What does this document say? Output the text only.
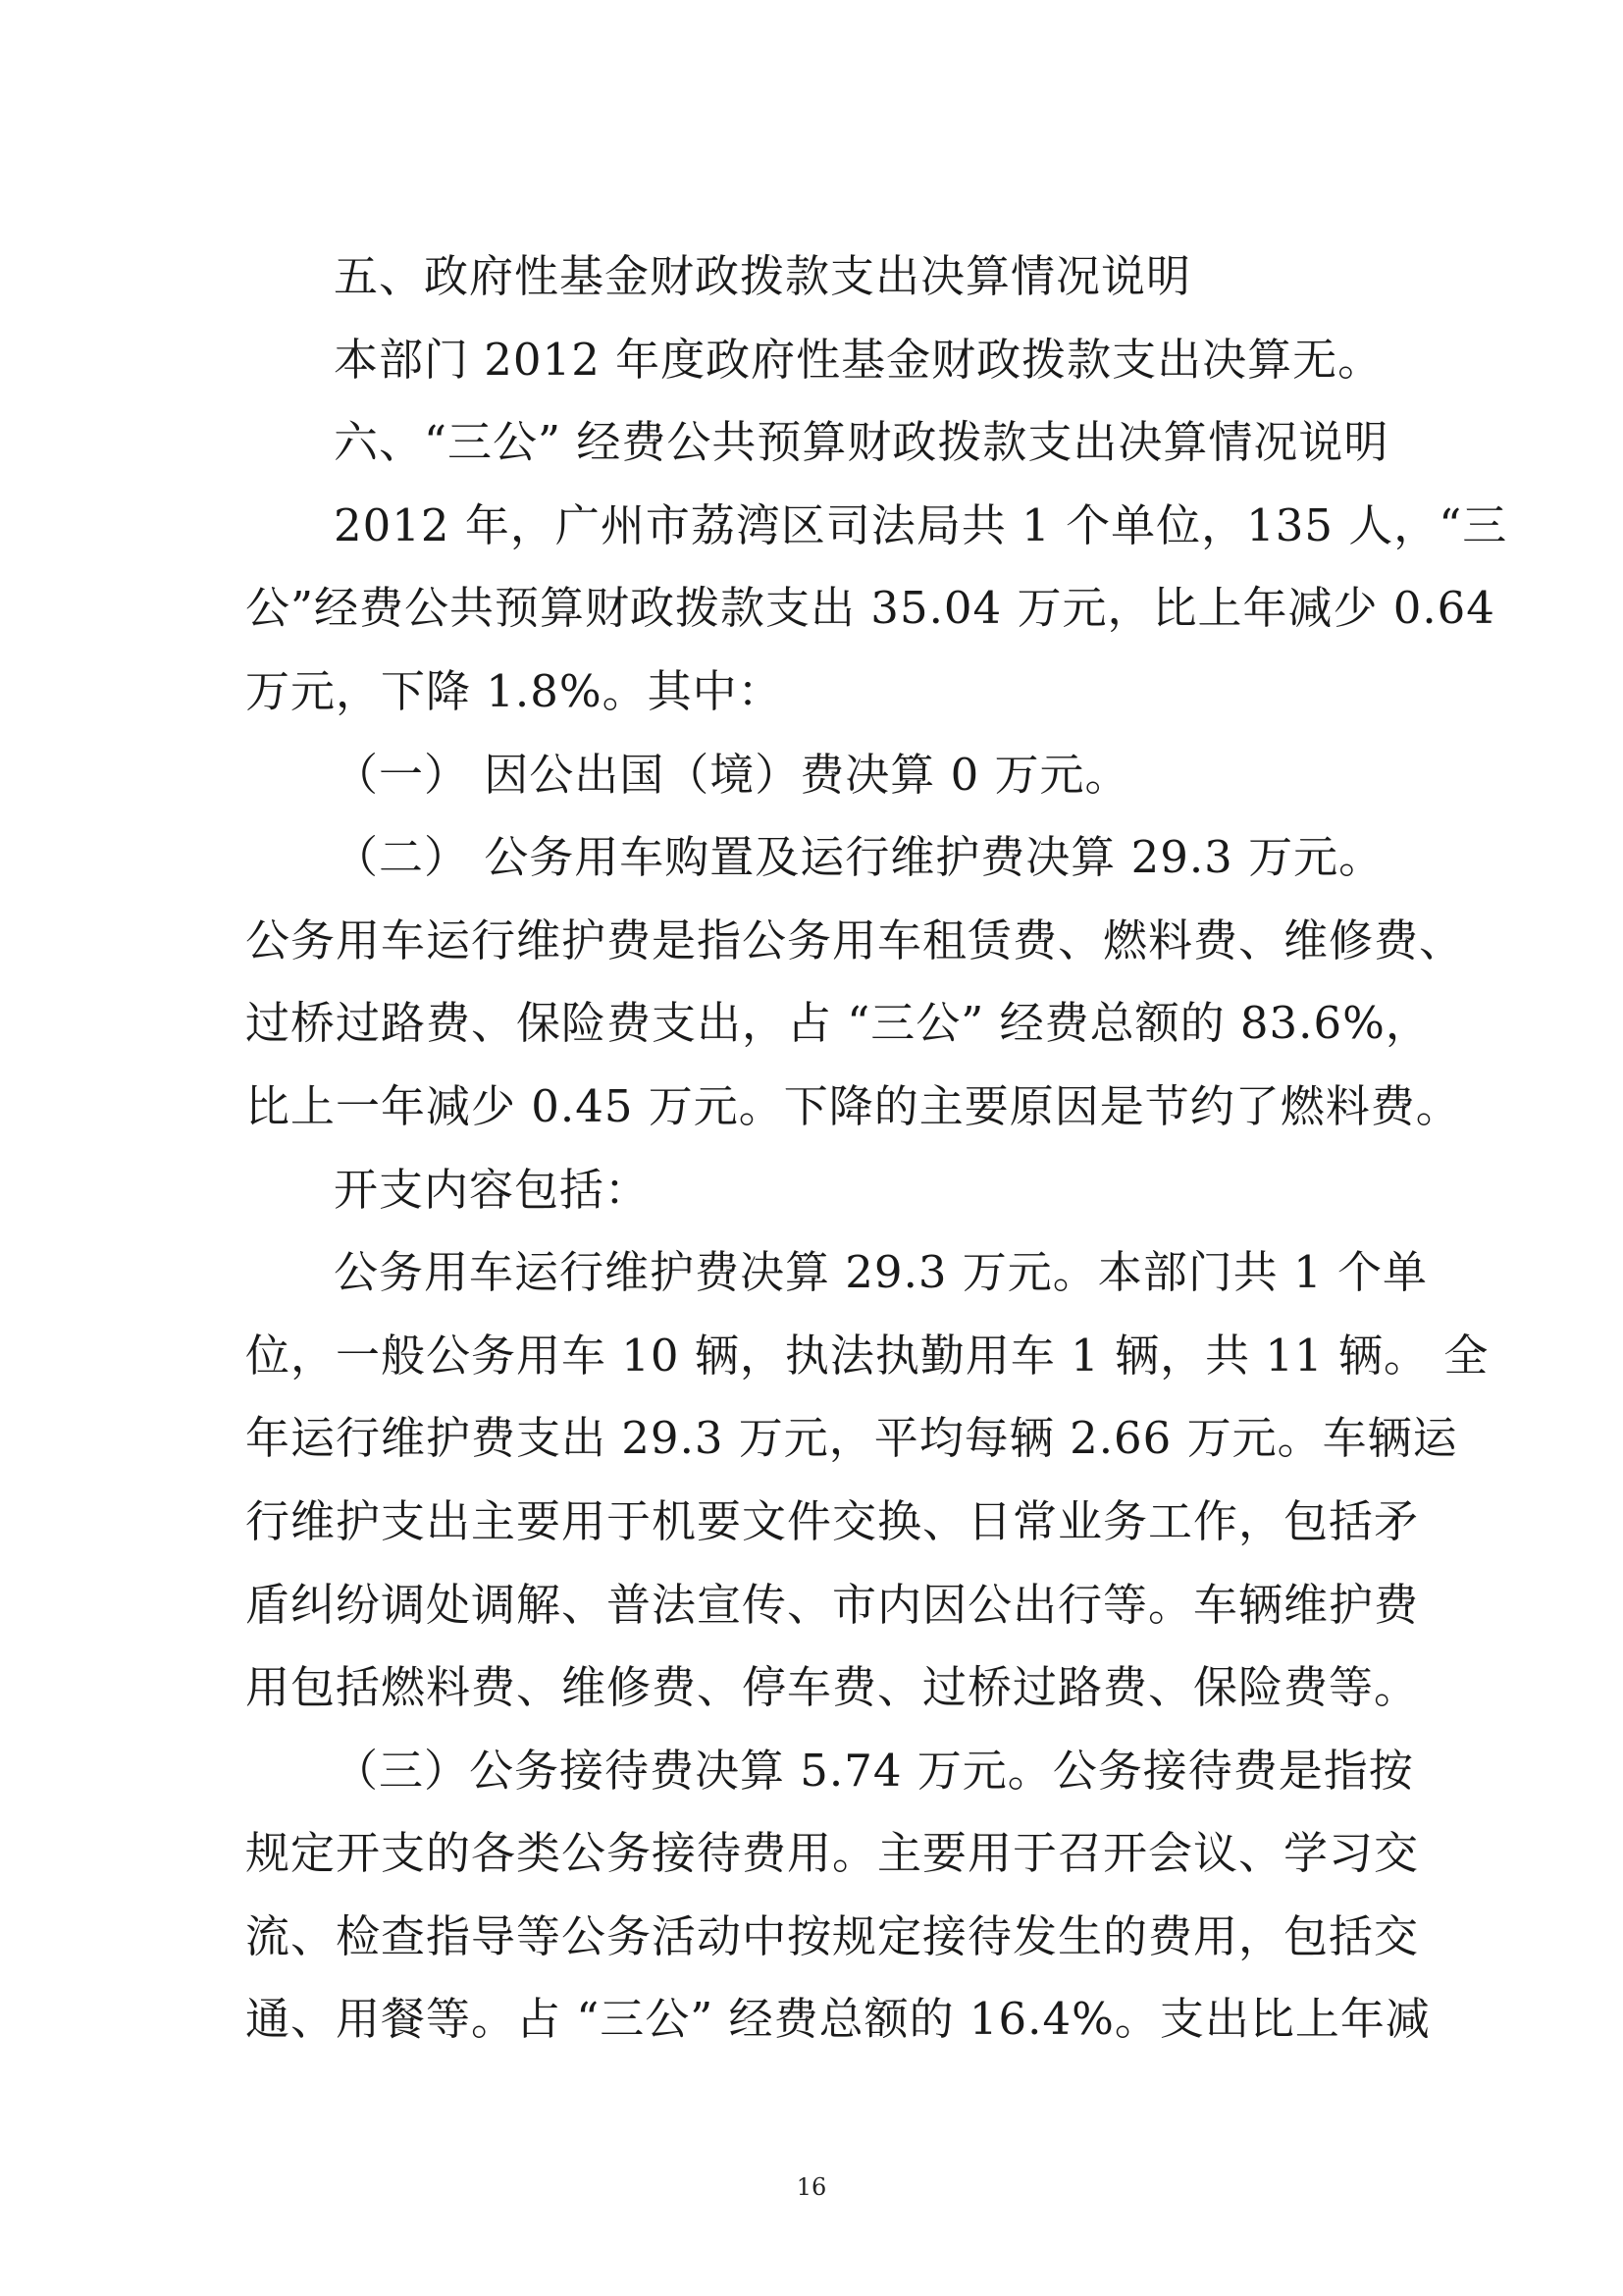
五、政府性基金财政拨款支出决算情况说明
本部门 2012 年度政府性基金财政拨款支出决算无。
六、“三公” 经费公共预算财政拨款支出决算情况说明
2012 年，广州市荔湾区司法局共 1 个单位，135 人，“三
公”经费公共预算财政拨款支出 35.04 万元，比上年减少 0.64
万元，下降 1.8%。其中：
（一） 因公出国（境）费决算 0 万元。
（二） 公务用车购置及运行维护费决算 29.3 万元。
公务用车运行维护费是指公务用车租赁费、燃料费、维修费、
过桥过路费、保险费支出，占 “三公” 经费总额的 83.6%，
比上一年减少 0.45 万元。下降的主要原因是节约了燃料费。
开支内容包括：
公务用车运行维护费决算 29.3 万元。本部门共 1 个单
位，一般公务用车 10 辆，执法执勤用车 1 辆，共 11 辆。 全
年运行维护费支出 29.3 万元，平均每辆 2.66 万元。车辆运
行维护支出主要用于机要文件交换、日常业务工作，包括矛
盾纠纷调处调解、普法宣传、市内因公出行等。车辆维护费
用包括燃料费、维修费、停车费、过桥过路费、保险费等。
（三）公务接待费决算 5.74 万元。公务接待费是指按
规定开支的各类公务接待费用。主要用于召开会议、学习交
流、检查指导等公务活动中按规定接待发生的费用，包括交
通、用餐等。占 “三公” 经费总额的 16.4%。支出比上年减
16
